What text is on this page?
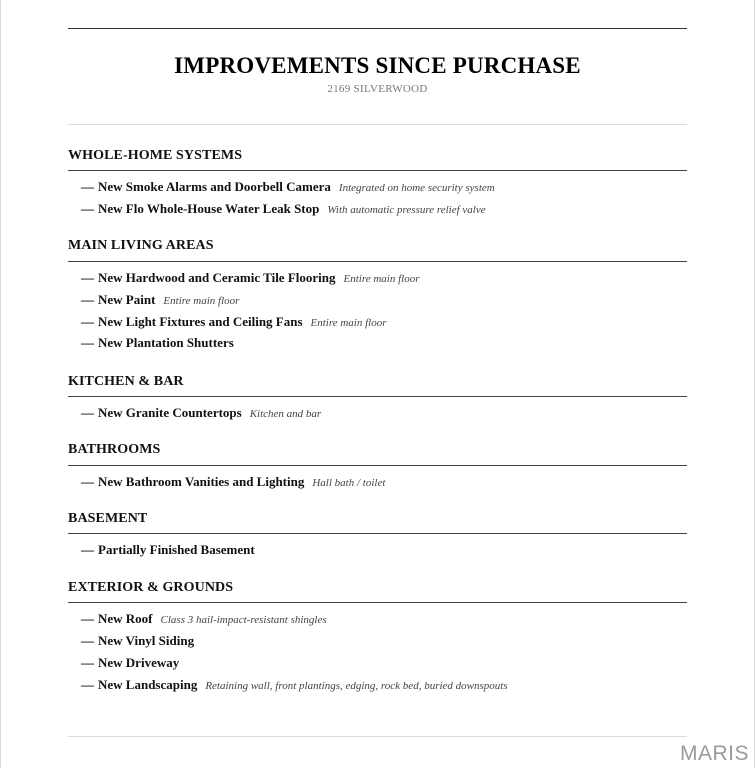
IMPROVEMENTS SINCE PURCHASE
2169 SILVERWOOD
WHOLE-HOME SYSTEMS
— New Smoke Alarms and Doorbell Camera Integrated on home security system
— New Flo Whole-House Water Leak Stop With automatic pressure relief valve
MAIN LIVING AREAS
— New Hardwood and Ceramic Tile Flooring Entire main floor
— New Paint Entire main floor
— New Light Fixtures and Ceiling Fans Entire main floor
— New Plantation Shutters
KITCHEN & BAR
— New Granite Countertops Kitchen and bar
BATHROOMS
— New Bathroom Vanities and Lighting Hall bath / toilet
BASEMENT
— Partially Finished Basement
EXTERIOR & GROUNDS
— New Roof Class 3 hail-impact-resistant shingles
— New Vinyl Siding
— New Driveway
— New Landscaping Retaining wall, front plantings, edging, rock bed, buried downspouts
MARIS
